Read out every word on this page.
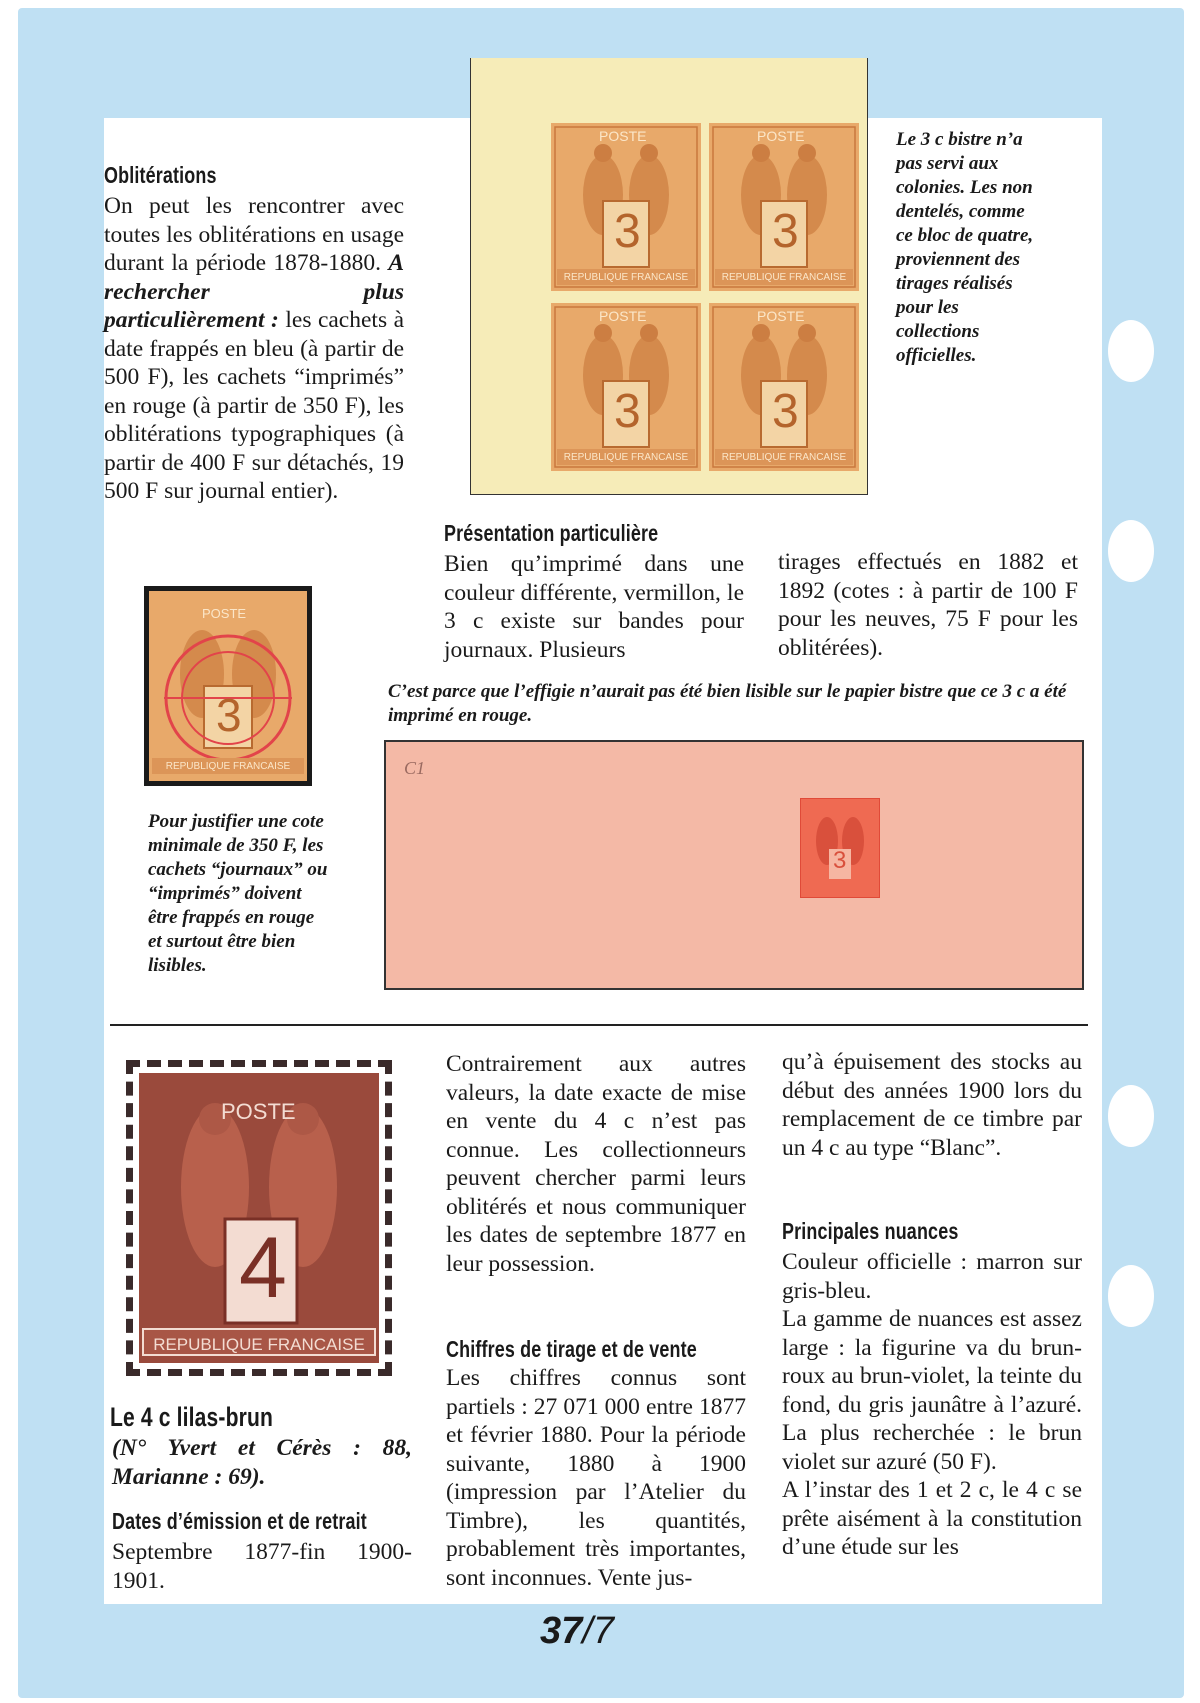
Oblitérations
On peut les rencontrer avec toutes les oblitérations en usage durant la période 1878-1880. A rechercher plus particulièrement : les cachets à date frappés en bleu (à partir de 500 F), les cachets “imprimés” en rouge (à partir de 350 F), les oblitérations typographiques (à partir de 400 F sur détachés, 19 500 F sur journal entier).
POSTE	POSTE
POSTE	POSTE
3	3
3	3
REPUBLIQUE FRANCAISE	REPUBLIQUE FRANCAISE
REPUBLIQUE FRANCAISE	REPUBLIQUE FRANCAISE
Le 3 c bistre n’a pas servi aux colonies. Les non dentelés, comme ce bloc de quatre, proviennent des tirages réalisés pour les collections officielles.
Présentation particulière
Bien qu’imprimé dans une couleur différente, vermillon, le 3 c existe sur bandes pour journaux. Plusieurs
tirages effectués en 1882 et 1892 (cotes : à partir de 100 F pour les neuves, 75 F pour les oblitérées).
POSTE
3
REPUBLIQUE FRANCAISE
Pour justifier une cote minimale de 350 F, les cachets “journaux” ou “imprimés” doivent être frappés en rouge et surtout être bien lisibles.
C’est parce que l’effigie n’aurait pas été bien lisible sur le papier bistre que ce 3 c a été imprimé en rouge.
C1
3
POSTE
4
REPUBLIQUE FRANCAISE
Le 4 c lilas-brun
(N° Yvert et Cérès : 88, Marianne : 69).
Dates d’émission et de retrait
Septembre 1877-fin 1900-1901.
Contrairement aux autres valeurs, la date exacte de mise en vente du 4 c n’est pas connue. Les collectionneurs peuvent chercher parmi leurs oblitérés et nous communiquer les dates de septembre 1877 en leur possession.
Chiffres de tirage et de vente
Les chiffres connus sont partiels : 27 071 000 entre 1877 et février 1880. Pour la période suivante, 1880 à 1900 (impression par l’Atelier du Timbre), les quantités, probablement très importantes, sont inconnues. Vente jus-
qu’à épuisement des stocks au début des années 1900 lors du remplacement de ce timbre par un 4 c au type “Blanc”.
Principales nuances

Couleur officielle : marron sur gris-bleu.

La gamme de nuances est assez large : la figurine va du brun-roux au brun-violet, la teinte du fond, du gris jaunâtre à l’azuré. La plus recherchée : le brun violet sur azuré (50 F).

A l’instar des 1 et 2 c, le 4 c se prête aisément à la constitution d’une étude sur les

37/7
